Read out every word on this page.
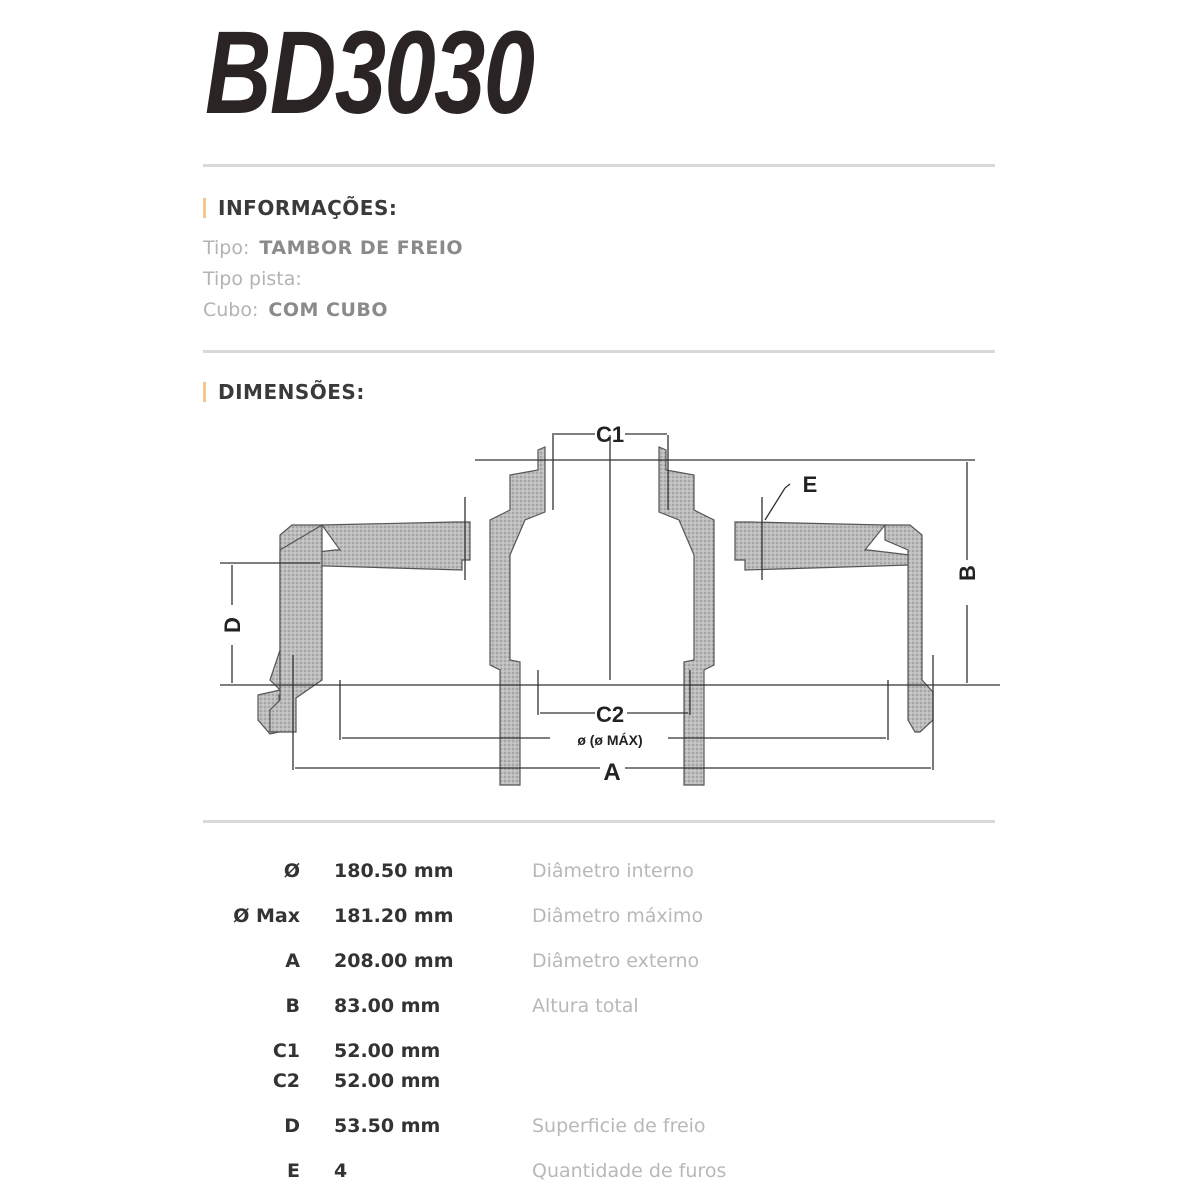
BD3030
INFORMAÇÕES:
Tipo: TAMBOR DE FREIO
Tipo pista:
Cubo: COM CUBO
DIMENSÕES:
C1
E
C2
ø (ø MÁX)
A
D
B
Ø 180.50 mm	Diâmetro interno
Ø Max 181.20 mm	Diâmetro máximo
A 208.00 mm	Diâmetro externo
B 83.00 mm	Altura total
C1 52.00 mm
C2 52.00 mm
D 53.50 mm	Superficie de freio
E 4	Quantidade de furos
